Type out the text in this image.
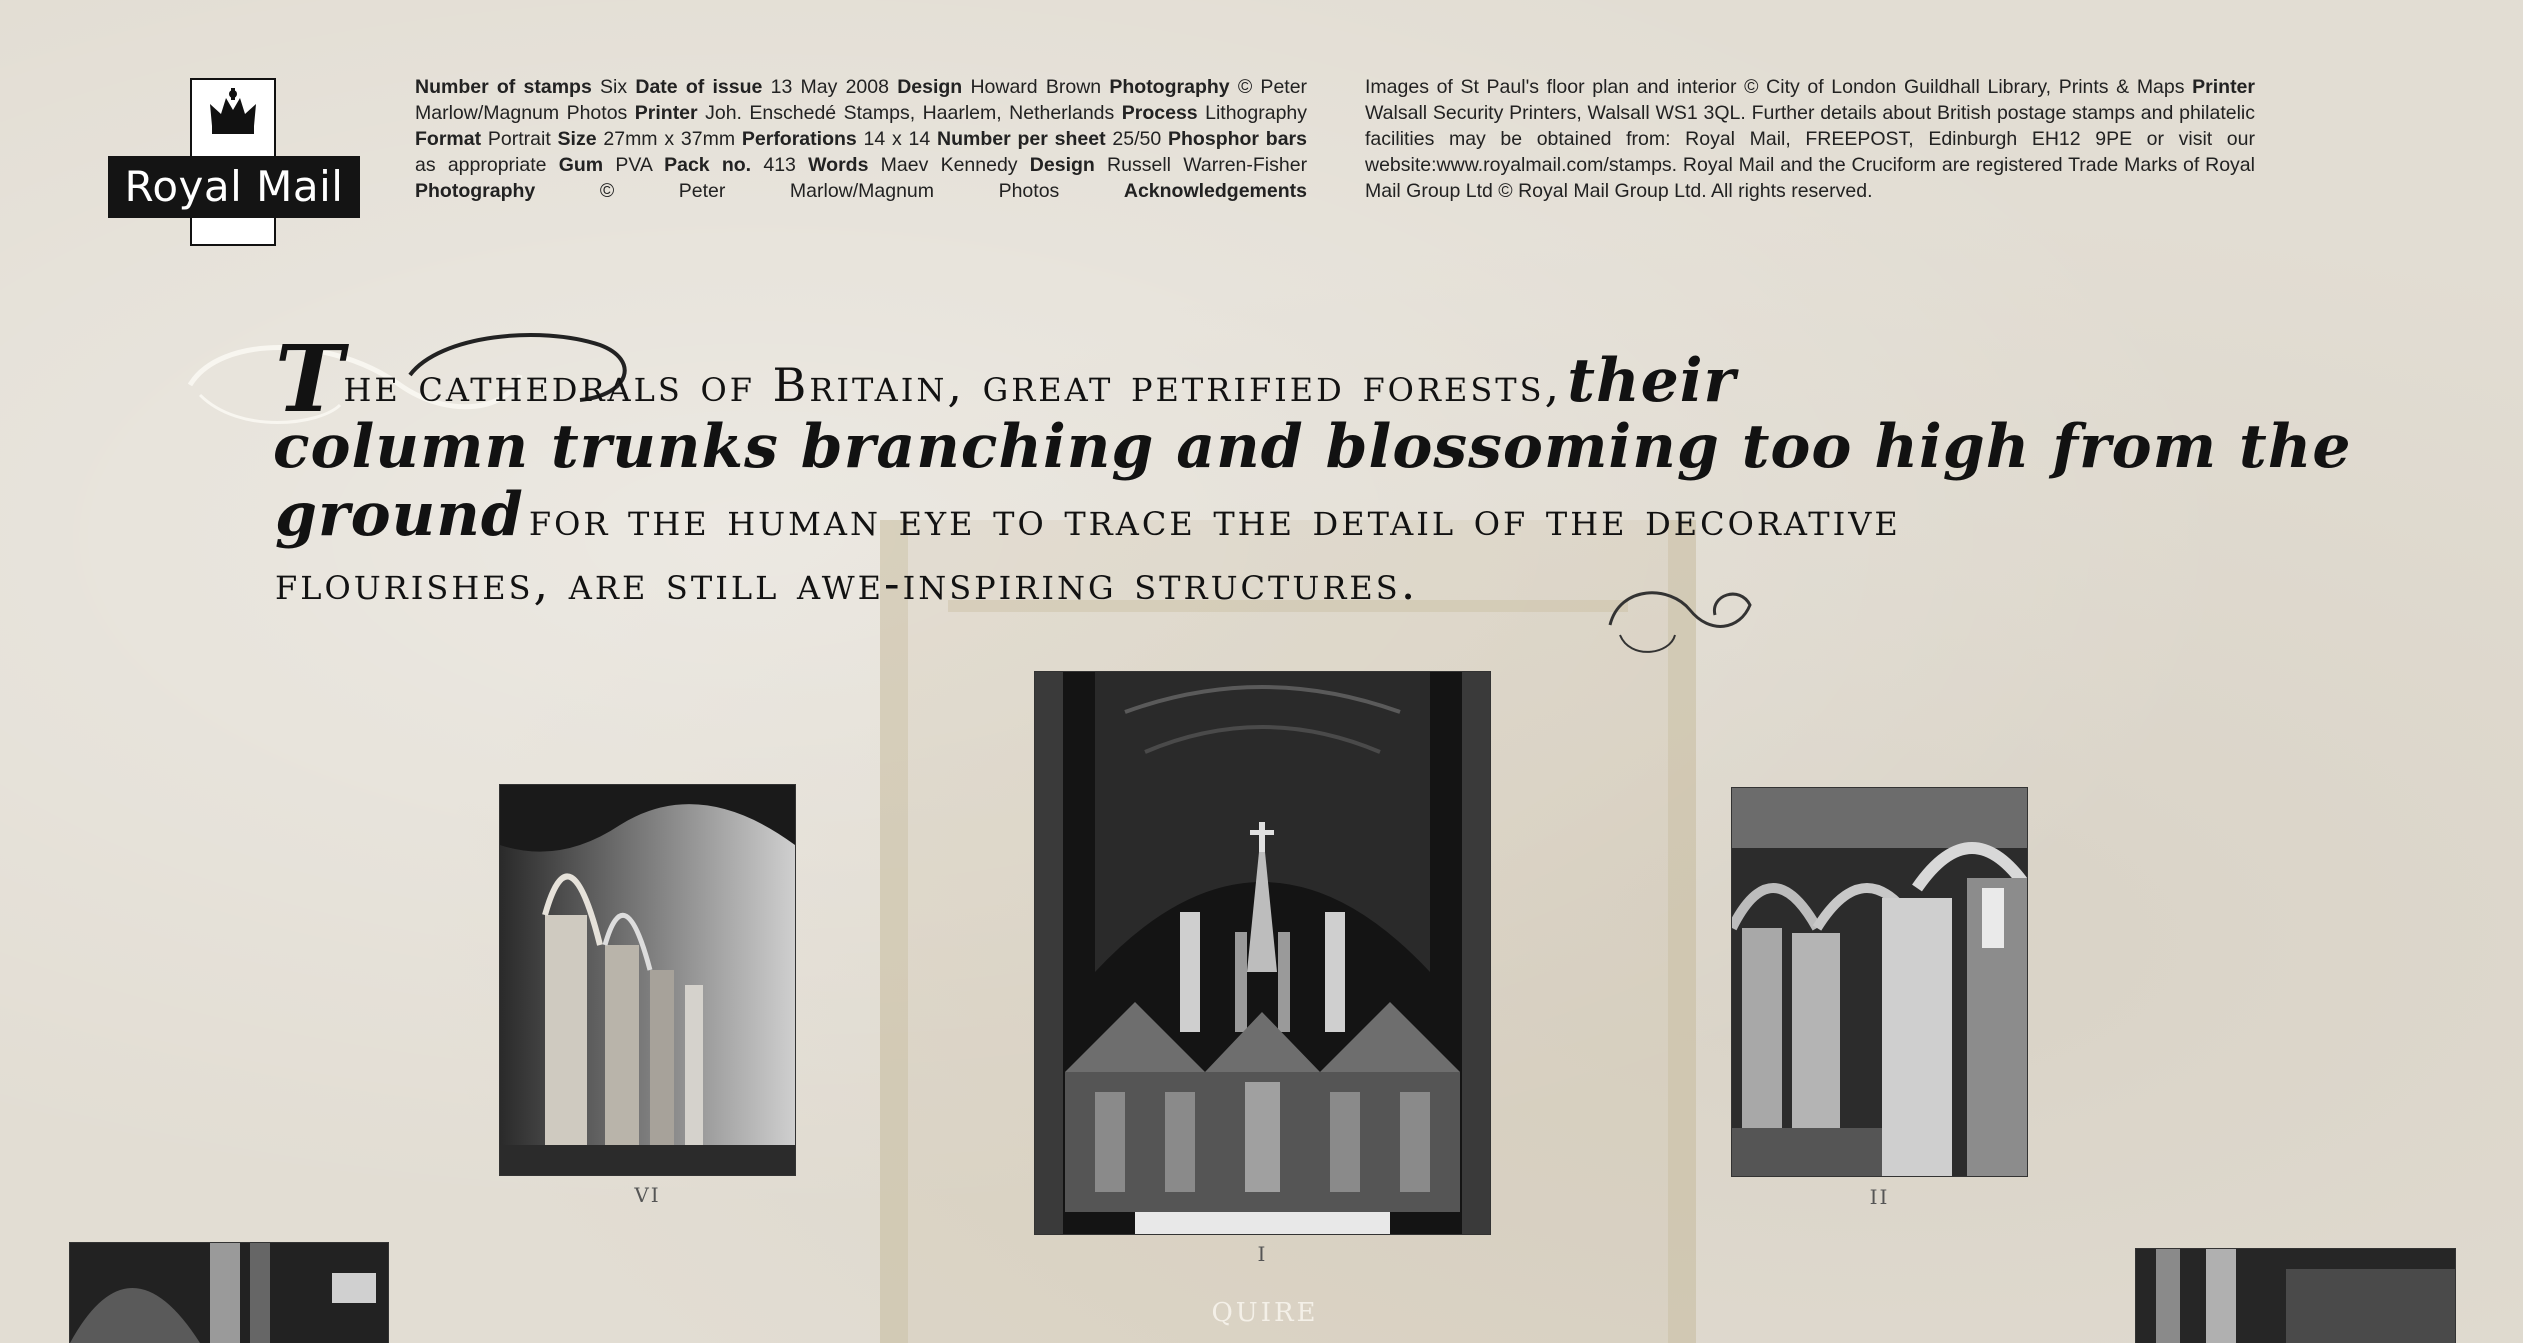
Royal Mail
Number of stamps Six Date of issue 13 May 2008 Design Howard Brown Photography © Peter Marlow/Magnum Photos Printer Joh. Enschedé Stamps, Haarlem, Netherlands Process Lithography Format Portrait Size 27mm x 37mm Perforations 14 x 14 Number per sheet 25/50 Phosphor bars as appropriate Gum PVA Pack no. 413 Words Maev Kennedy Design Russell Warren-Fisher Photography	© Peter Marlow/Magnum Photos	Acknowledgements
Images of St Paul's floor plan and interior © City of London Guildhall Library, Prints & Maps Printer Walsall Security Printers, Walsall WS1 3QL. Further details about British postage stamps and philatelic facilities may be obtained from: Royal Mail, FREEPOST, Edinburgh EH12 9PE or visit our website:www.royalmail.com/stamps. Royal Mail and the Cruciform are registered Trade Marks of Royal Mail Group Ltd © Royal Mail Group Ltd. All rights reserved.
The cathedrals of Britain, great petrified forests, their
column trunks branching and blossoming too high from the
ground for the human eye to trace the detail of the decorative
flourishes, are still awe-inspiring structures.
VI
I
II
QUIRE
